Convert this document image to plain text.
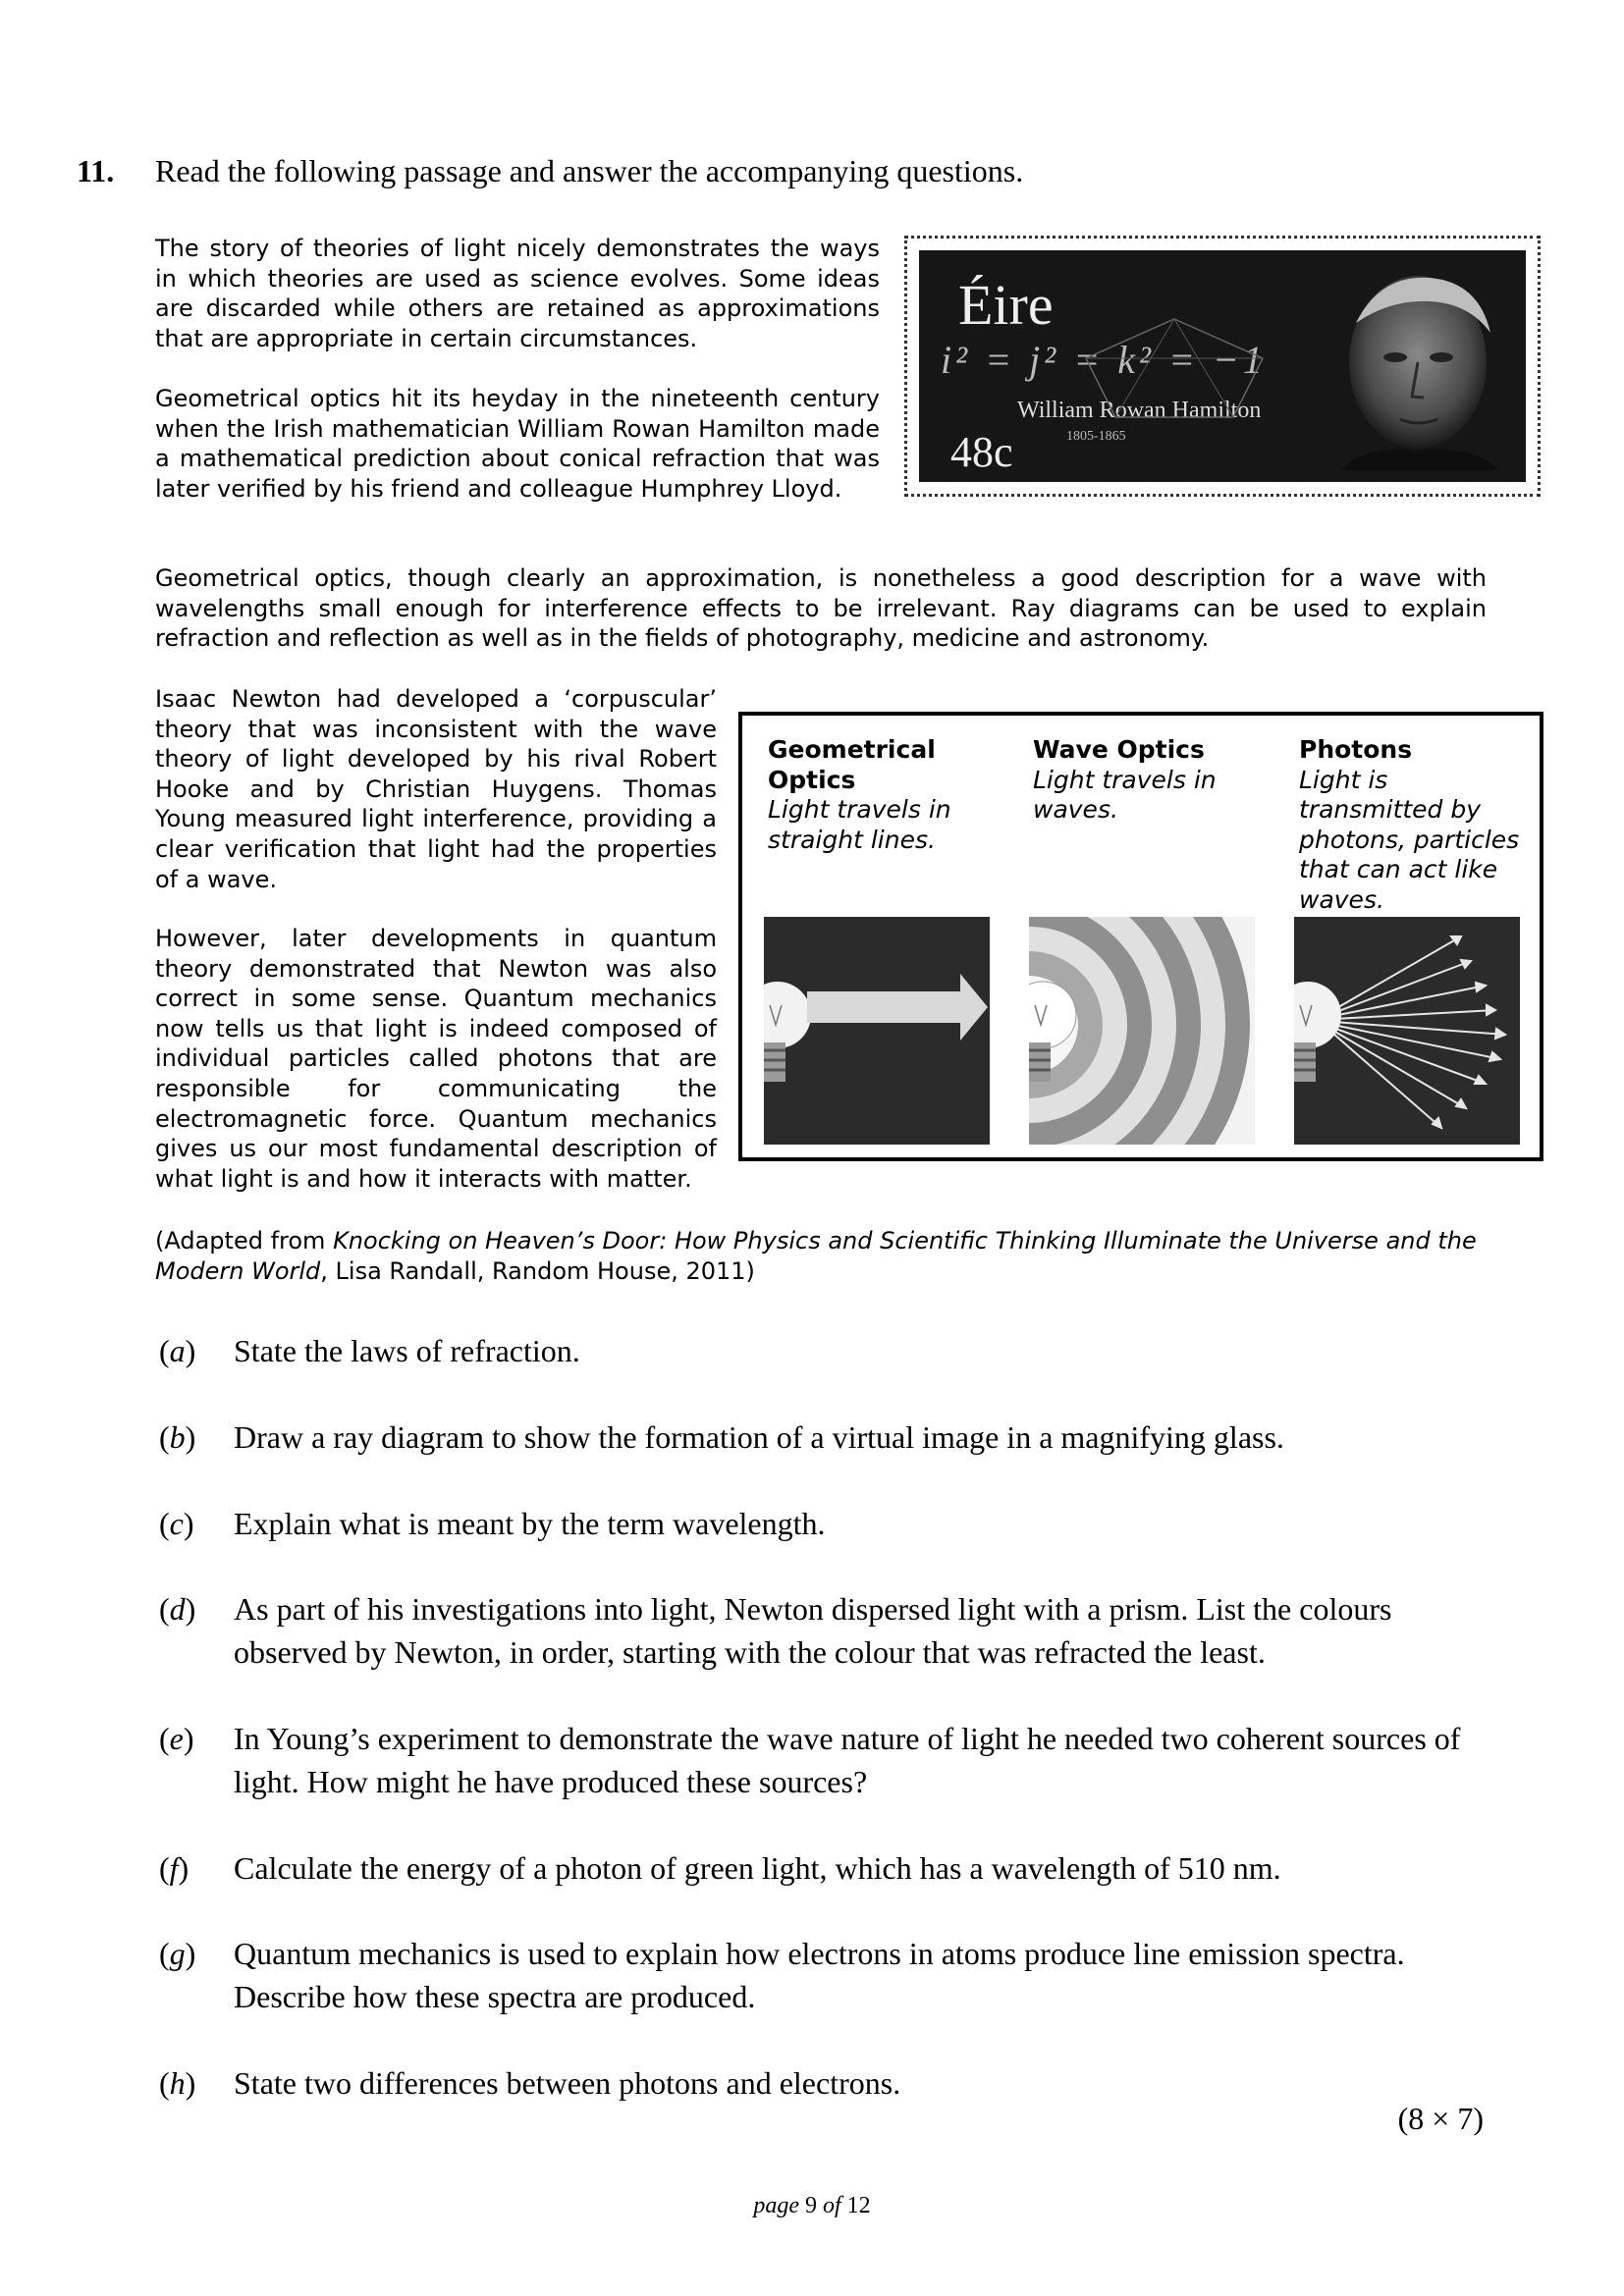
11. Read the following passage and answer the accompanying questions.
The story of theories of light nicely demonstrates the ways in which theories are used as science evolves. Some ideas are discarded while others are retained as approximations that are appropriate in certain circumstances.
Geometrical optics hit its heyday in the nineteenth century when the Irish mathematician William Rowan Hamilton made a mathematical prediction about conical refraction that was later verified by his friend and colleague Humphrey Lloyd.
Geometrical optics, though clearly an approximation, is nonetheless a good description for a wave with wavelengths small enough for interference effects to be irrelevant. Ray diagrams can be used to explain refraction and reflection as well as in the fields of photography, medicine and astronomy.
Isaac Newton had developed a ‘corpuscular’ theory that was inconsistent with the wave theory of light developed by his rival Robert Hooke and by Christian Huygens. Thomas Young measured light interference, providing a clear verification that light had the properties of a wave.
However, later developments in quantum theory demonstrated that Newton was also correct in some sense. Quantum mechanics now tells us that light is indeed composed of individual particles called photons that are responsible for communicating the electromagnetic force. Quantum mechanics gives us our most fundamental description of what light is and how it interacts with matter.
Éire
i² = j² = k² = −1
William Rowan Hamilton
1805-1865
48c
Geometrical Optics
Light travels in straight lines.
Wave Optics
Light travels in waves.
Photons
Light is transmitted by photons, particles that can act like waves.
(Adapted from Knocking on Heaven’s Door: How Physics and Scientific Thinking Illuminate the Universe and the Modern World, Lisa Randall, Random House, 2011)
(a) State the laws of refraction.
(b) Draw a ray diagram to show the formation of a virtual image in a magnifying glass.
(c) Explain what is meant by the term wavelength.
(d) As part of his investigations into light, Newton dispersed light with a prism. List the colours observed by Newton, in order, starting with the colour that was refracted the least.
(e) In Young’s experiment to demonstrate the wave nature of light he needed two coherent sources of light. How might he have produced these sources?
(f) Calculate the energy of a photon of green light, which has a wavelength of 510 nm.
(g) Quantum mechanics is used to explain how electrons in atoms produce line emission spectra. Describe how these spectra are produced.
(h) State two differences between photons and electrons.
(8 × 7)
page 9 of 12
